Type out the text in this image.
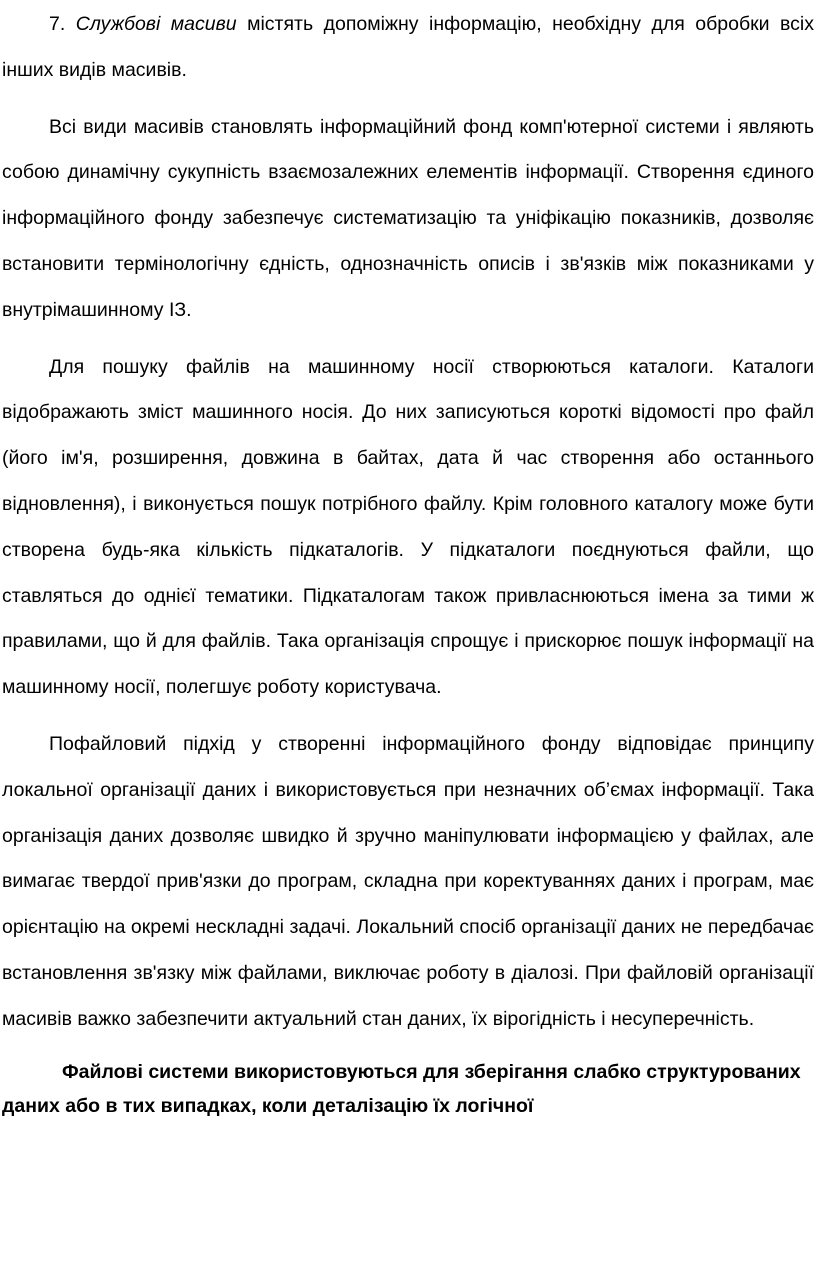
7. Службові масиви містять допоміжну інформацію, необхідну для обробки всіх інших видів масивів.

Всі види масивів становлять інформаційний фонд комп'ютерної системи і являють собою динамічну сукупність взаємозалежних елементів інформації. Створення єдиного інформаційного фонду забезпечує систематизацію та уніфікацію показників, дозволяє встановити термінологічну єдність, однозначність описів і зв'язків між показниками у внутрімашинному ІЗ.

Для пошуку файлів на машинному носії створюються каталоги. Каталоги відображають зміст машинного носія. До них записуються короткі відомості про файл (його ім'я, розширення, довжина в байтах, дата й час створення або останнього відновлення), і виконується пошук потрібного файлу. Крім головного каталогу може бути створена будь-яка кількість підкаталогів. У підкаталоги поєднуються файли, що ставляться до однієї тематики. Підкаталогам також привласнюються імена за тими ж правилами, що й для файлів. Така організація спрощує і прискорює пошук інформації на машинному носії, полегшує роботу користувача.

Пофайловий підхід у створенні інформаційного фонду відповідає принципу локальної організації даних і використовується при незначних об’ємах інформації. Така організація даних дозволяє швидко й зручно маніпулювати інформацією у файлах, але вимагає твердої прив'язки до програм, складна при коректуваннях даних і програм, має орієнтацію на окремі нескладні задачі. Локальний спосіб організації даних не передбачає встановлення зв'язку між файлами, виключає роботу в діалозі. При файловій організації масивів важко забезпечити актуальний стан даних, їх вірогідність і несуперечність.

Файлові системи використовуються для зберігання слабко структурованих даних або в тих випадках, коли деталізацію їх логічної
